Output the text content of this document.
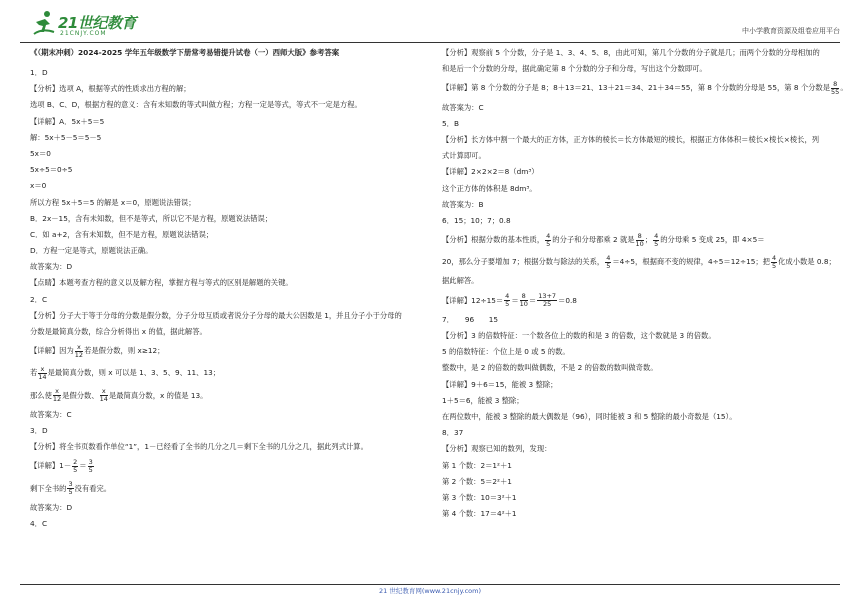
21世纪教育
21CNJY.COM	中小学教育资源及组卷应用平台

《（期末冲刺）2024-2025 学年五年级数学下册常考易错提升试卷（一）西师大版》参考答案

1．D

【分析】选项 A，根据等式的性质求出方程的解；

选项 B、C、D，根据方程的意义：含有未知数的等式叫做方程；方程一定是等式，等式不一定是方程。

【详解】A．5x＋5＝5

解：5x＋5－5＝5－5

5x＝0

5x÷5＝0÷5

x＝0

所以方程 5x＋5＝5 的解是 x＝0，原题说法错误；

B．2x－15，含有未知数，但不是等式，所以它不是方程，原题说法错误；

C．如 a+2，含有未知数，但不是方程，原题说法错误；

D．方程一定是等式，原题说法正确。

故答案为：D

【点睛】本题考查方程的意义以及解方程，掌握方程与等式的区别是解题的关键。

2．C

【分析】分子大于等于分母的分数是假分数，分子分母互质或者说分子分母的最大公因数是 1，并且分子小于分母的

分数是最简真分数，综合分析得出 x 的值，据此解答。

【详解】因为 $\frac{x}{12}$ 若是假分数，则 x≥12；

若 $\frac{x}{14}$ 是最简真分数，则 x 可以是 1、3、5、9、11、13；

那么使 $\frac{x}{12}$ 是假分数、 $\frac{x}{14}$ 是最简真分数，x 的值是 13。

故答案为：C

3．D

【分析】将全书页数看作单位“1”，1－已经看了全书的几分之几＝剩下全书的几分之几，据此列式计算。

【详解】$1- \frac{2}{5} = \frac{3}{5}$

剩下全书的 $\frac{3}{5}$ 没有看完。

故答案为：D

4．C

【分析】观察前 5 个分数，分子是 1、3、4、5、8，由此可知，第几个分数的分子就是几；而两个分数的分母相加的

和是后一个分数的分母，据此确定第 8 个分数的分子和分母，写出这个分数即可。

【详解】第 8 个分数的分子是 8；8＋13＝21、13＋21＝34、21＋34＝55，第 8 个分数的分母是 55，第 8 个分数是 $\frac{8}{55}$ 。

故答案为：C

5．B

【分析】长方体中割一个最大的正方体，正方体的棱长＝长方体最短的棱长，根据正方体体积＝棱长×棱长×棱长，列

式计算即可。

【详解】2×2×2＝8（dm³）

这个正方体的体积是 8dm³。

故答案为：B

6．15；10；7；0.8

【分析】根据分数的基本性质， $\frac{4}{5}$ 的分子和分母都乘 2 就是 $\frac{8}{10}$ ； $\frac{4}{5}$ 的分母乘 5 变成 25，即 4×5＝

20，那么分子要增加 7；根据分数与除法的关系， $\frac{4}{5} =4\div 5$，根据商不变的规律，4÷5＝12÷15；把 $\frac{4}{5}$ 化成小数是 0.8；

据此解答。

【详解】$12\div 15= \frac{4}{5} = \frac{8}{10} = \frac{13+7}{25} =0.8$

7．　　96　　15

【分析】3 的倍数特征：一个数各位上的数的和是 3 的倍数，这个数就是 3 的倍数。

5 的倍数特征：个位上是 0 或 5 的数。

整数中，是 2 的倍数的数叫做偶数，不是 2 的倍数的数叫做奇数。

【详解】9＋6＝15，能被 3 整除；

1＋5＝6，能被 3 整除；

在两位数中，能被 3 整除的最大偶数是（96），同时能被 3 和 5 整除的最小奇数是（15）。

8．37

【分析】观察已知的数列，发现：

第 1 个数：2＝1²＋1

第 2 个数：5＝2²＋1

第 3 个数：10＝3²＋1

第 4 个数：17＝4²＋1

21 世纪教育网(www.21cnjy.com)
